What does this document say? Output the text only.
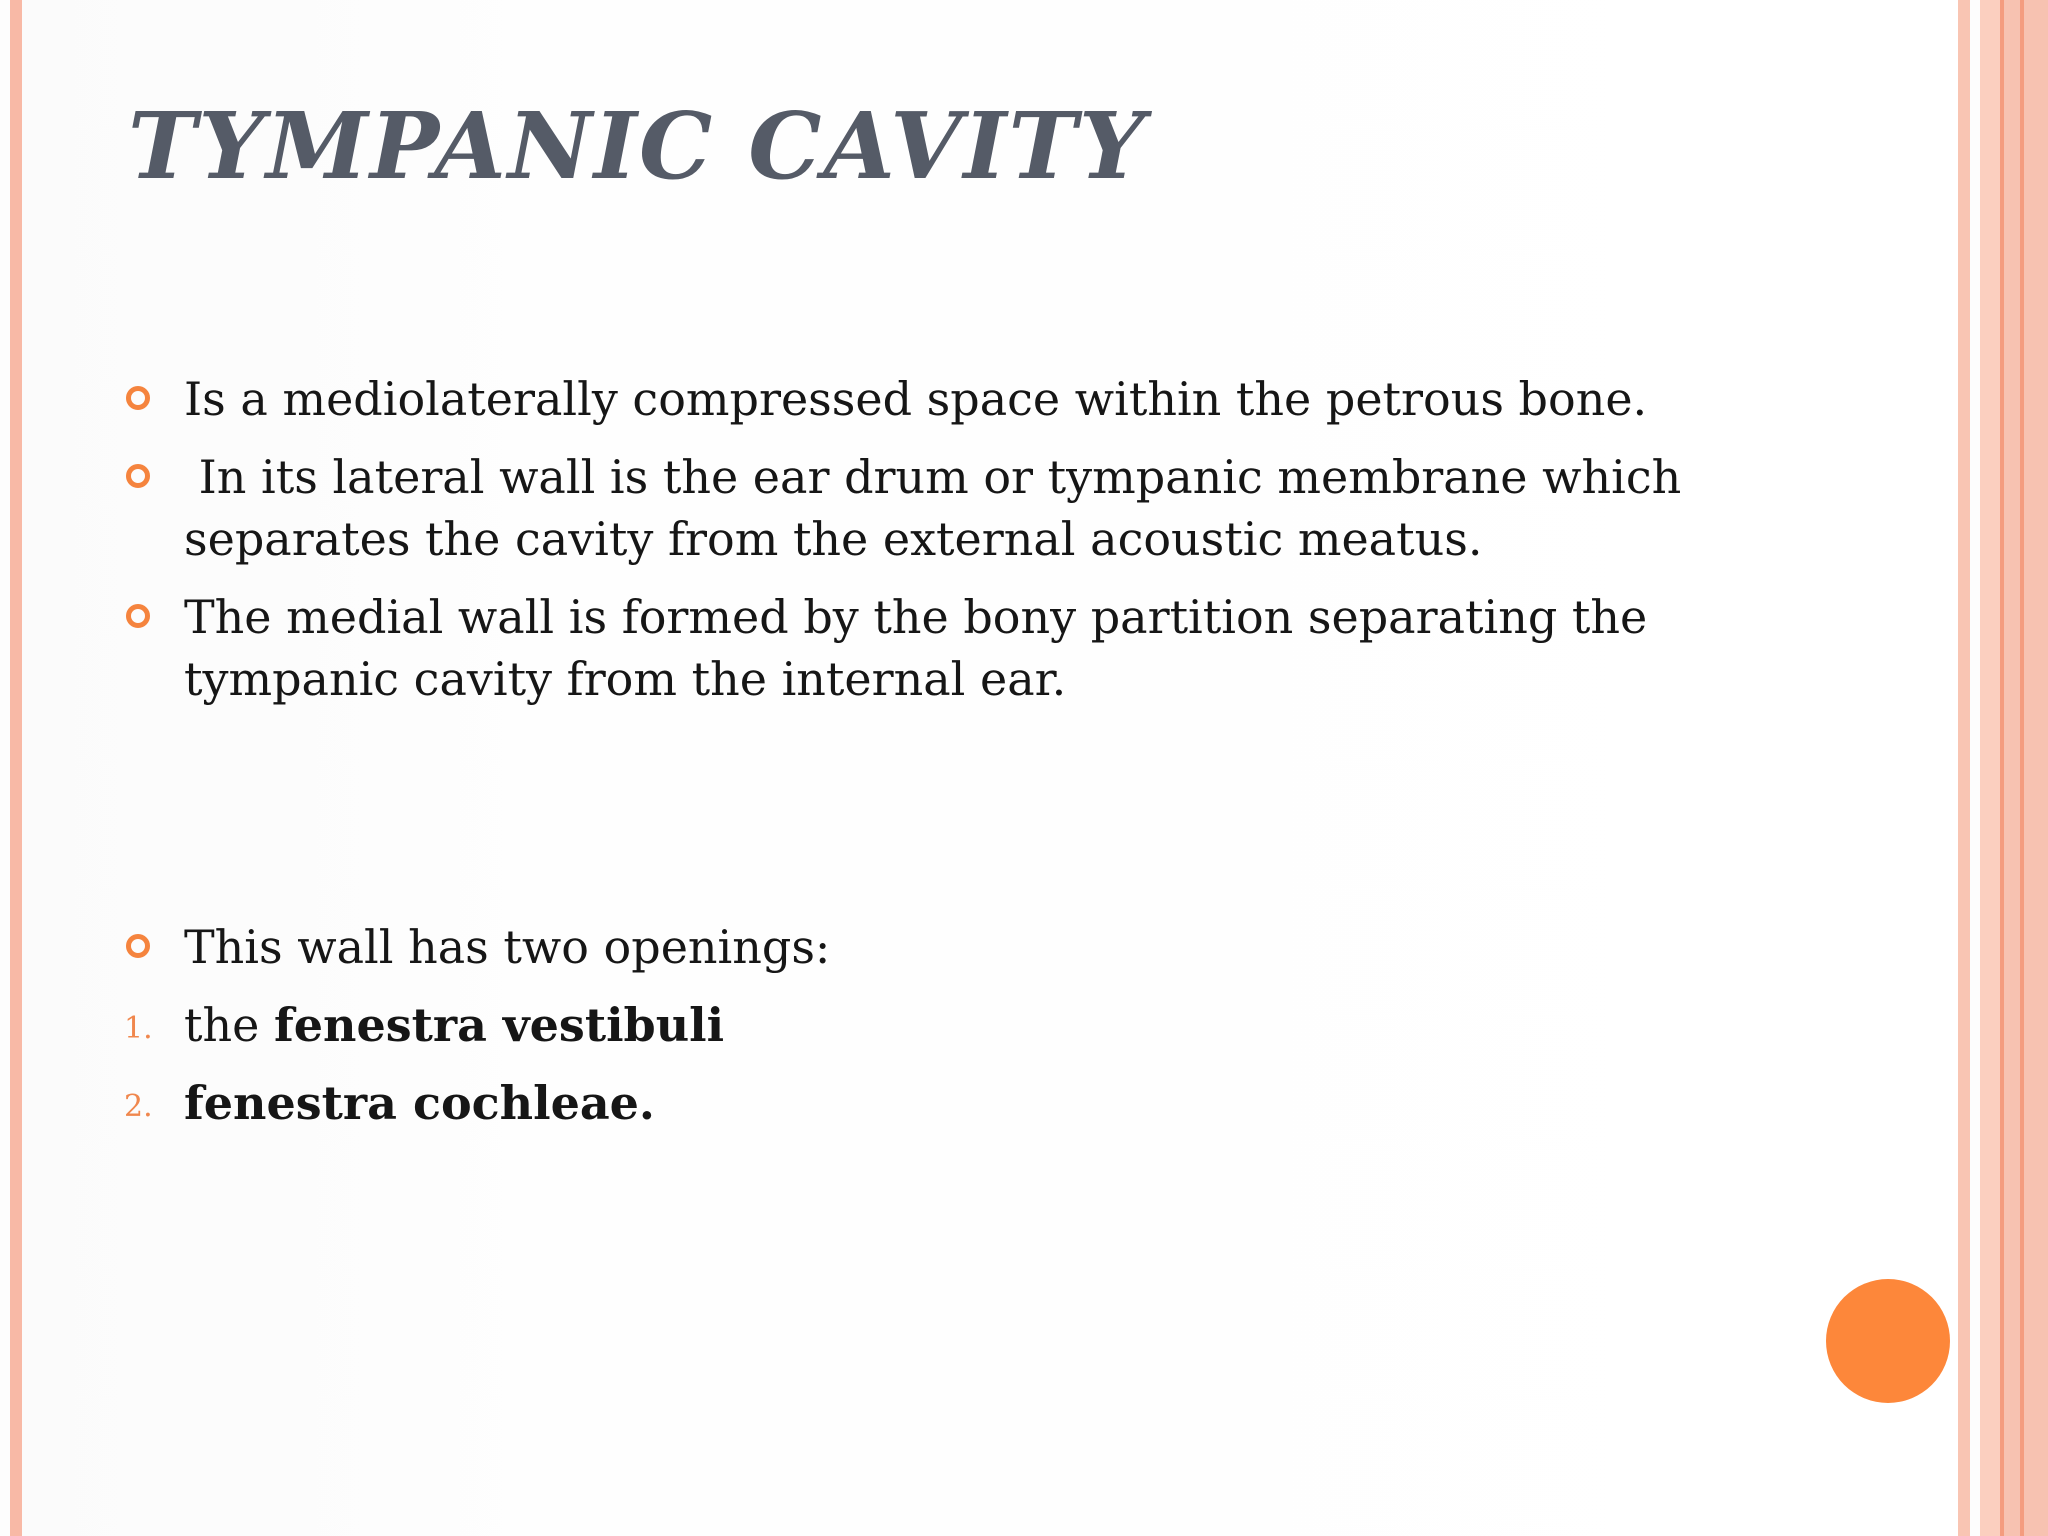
TYMPANIC CAVITY
Is a mediolaterally compressed space within the petrous bone.
In its lateral wall is the ear drum or tympanic membrane which separates the cavity from the external acoustic meatus.
The medial wall is formed by the bony partition separating the tympanic cavity from the internal ear.
This wall has two openings:
1. the fenestra vestibuli
2. fenestra cochleae.
